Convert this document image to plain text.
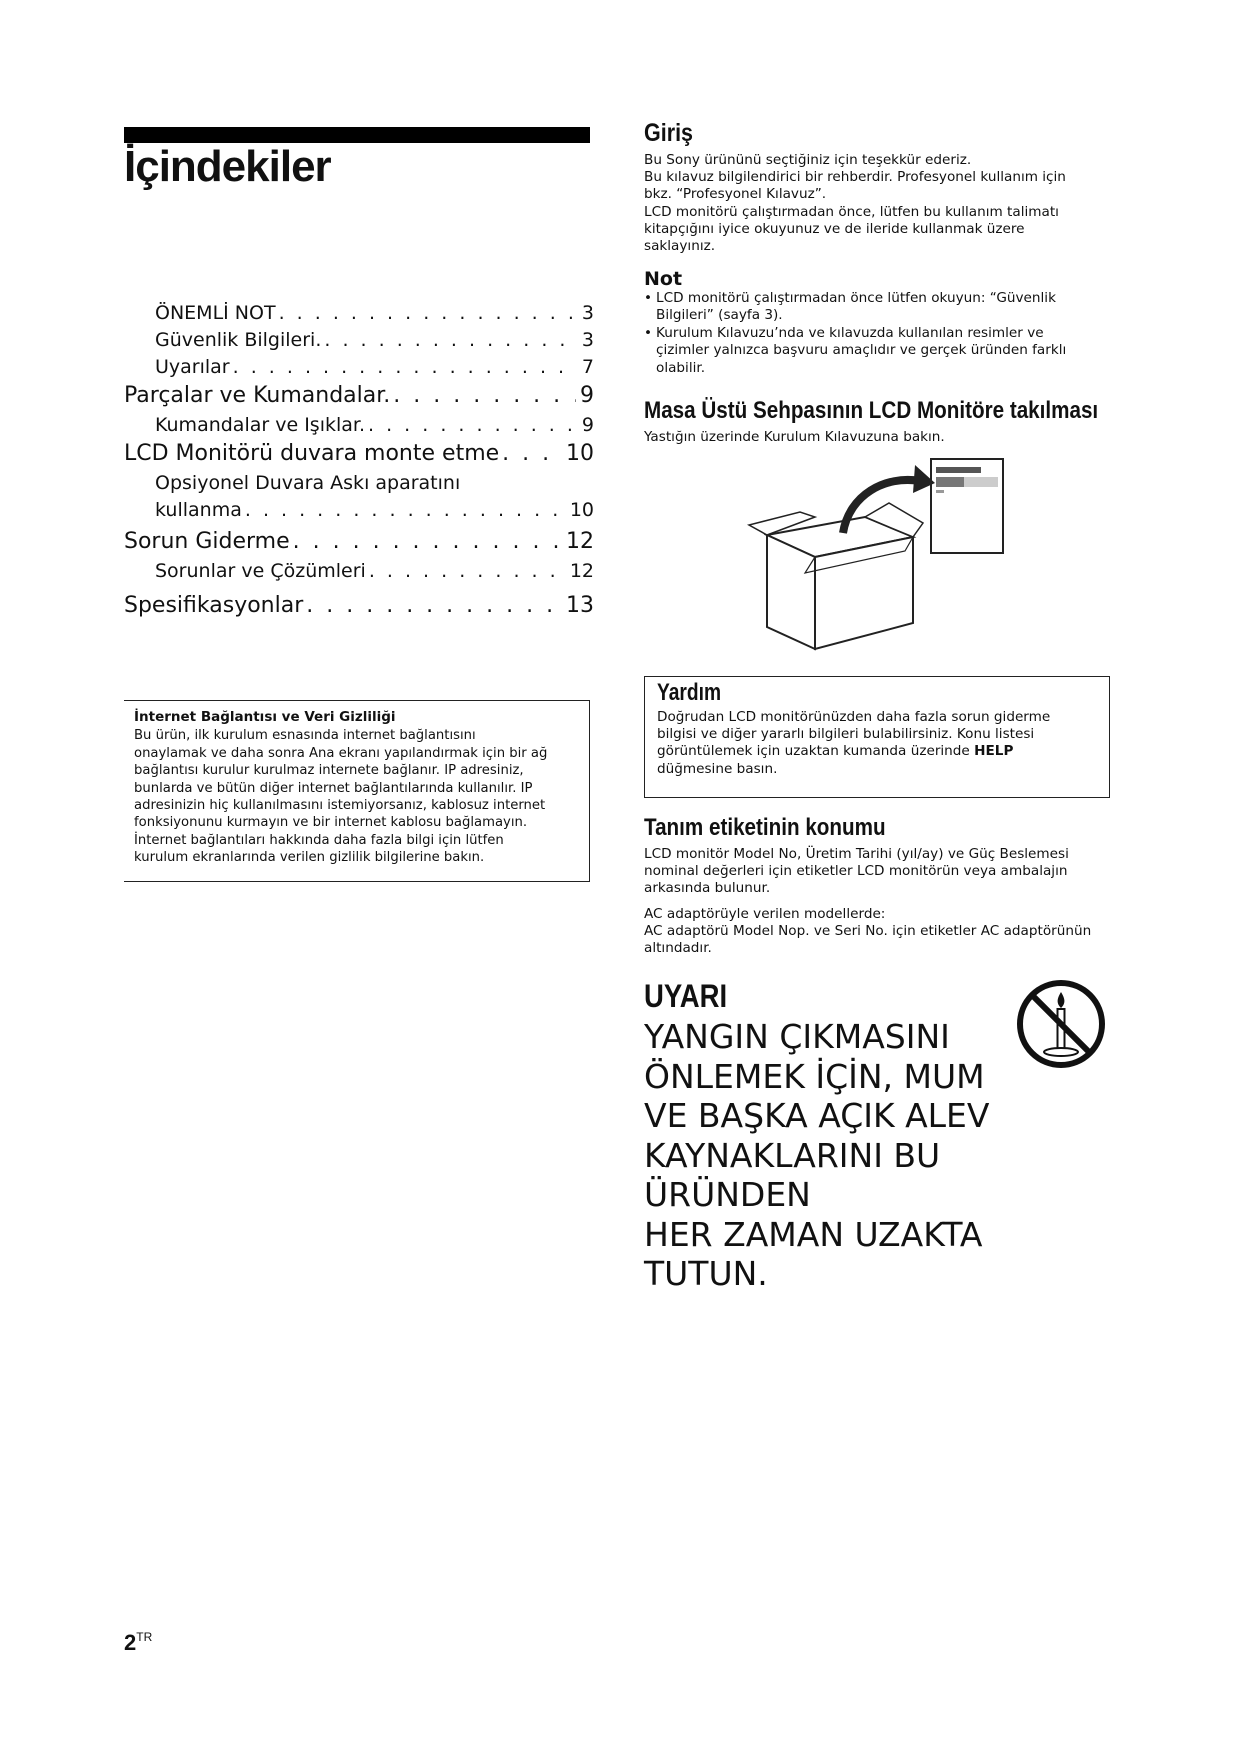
İçindekiler
ÖNEMLİ NOT . . .	3
Güvenlik Bilgileri. . . .	3
Uyarılar . . .	7
Parçalar ve Kumandalar. . . .	9
Kumandalar ve Işıklar. . . .	9
LCD Monitörü duvara monte etme . . .	10
Opsiyonel Duvara Askı aparatını
kullanma . . .	10
Sorun Giderme . . .	12
Sorunlar ve Çözümleri . . .	12
Spesifikasyonlar . . .	13
İnternet Bağlantısı ve Veri Gizliliği
Bu ürün, ilk kurulum esnasında internet bağlantısını
onaylamak ve daha sonra Ana ekranı yapılandırmak için bir ağ
bağlantısı kurulur kurulmaz internete bağlanır. IP adresiniz,
bunlarda ve bütün diğer internet bağlantılarında kullanılır. IP
adresinizin hiç kullanılmasını istemiyorsanız, kablosuz internet
fonksiyonunu kurmayın ve bir internet kablosu bağlamayın.
İnternet bağlantıları hakkında daha fazla bilgi için lütfen
kurulum ekranlarında verilen gizlilik bilgilerine bakın.
$2^{TR}$
Giriş

Bu Sony ürününü seçtiğiniz için teşekkür ederiz.

Bu kılavuz bilgilendirici bir rehberdir. Profesyonel kullanım için

bkz. “Profesyonel Kılavuz”.

LCD monitörü çalıştırmadan önce, lütfen bu kullanım talimatı

kitapçığını iyice okuyunuz ve de ileride kullanmak üzere

saklayınız.

Not
• LCD monitörü çalıştırmadan önce lütfen okuyun: “Güvenlik
Bilgileri” (sayfa 3).
• Kurulum Kılavuzu’nda ve kılavuzda kullanılan resimler ve
çizimler yalnızca başvuru amaçlıdır ve gerçek üründen farklı
olabilir.
Masa Üstü Sehpasının LCD Monitöre takılması

Yastığın üzerinde Kurulum Kılavuzuna bakın.

Yardım

Doğrudan LCD monitörünüzden daha fazla sorun giderme

bilgisi ve diğer yararlı bilgileri bulabilirsiniz. Konu listesi

görüntülemek için uzaktan kumanda üzerinde HELP

düğmesine basın.

Tanım etiketinin konumu

LCD monitör Model No, Üretim Tarihi (yıl/ay) ve Güç Beslemesi

nominal değerleri için etiketler LCD monitörün veya ambalajın

arkasında bulunur.

AC adaptörüyle verilen modellerde:

AC adaptörü Model Nop. ve Seri No. için etiketler AC adaptörünün

altındadır.

UYARI
YANGIN ÇIKMASINI
ÖNLEMEK İÇİN, MUM
VE BAŞKA AÇIK ALEV
KAYNAKLARINI BU ÜRÜNDEN
HER ZAMAN UZAKTA TUTUN.
